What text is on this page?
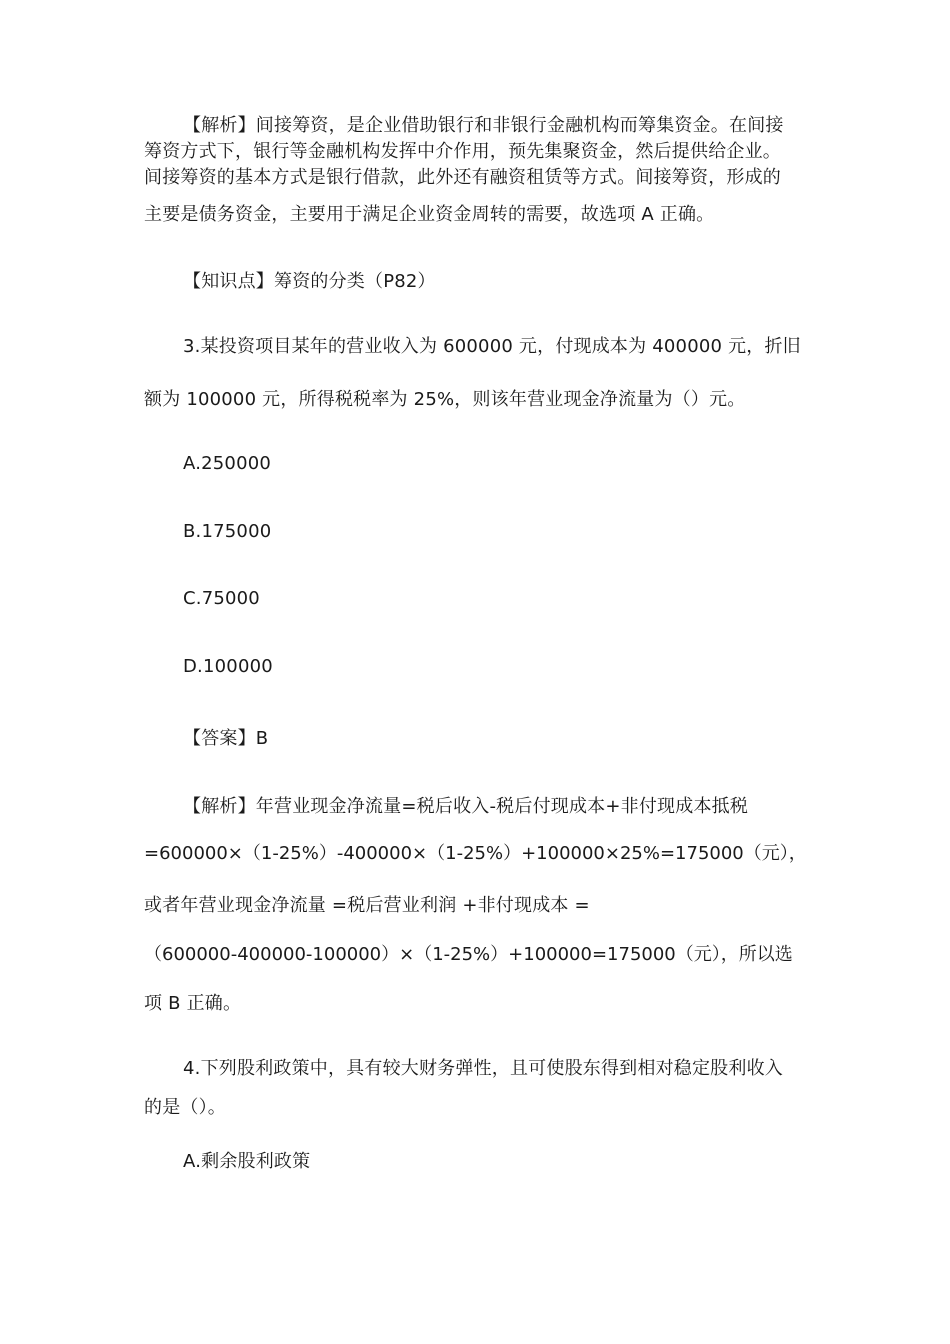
【解析】间接筹资，是企业借助银行和非银行金融机构而筹集资金。在间接
筹资方式下，银行等金融机构发挥中介作用，预先集聚资金，然后提供给企业。
间接筹资的基本方式是银行借款，此外还有融资租赁等方式。间接筹资，形成的
主要是债务资金，主要用于满足企业资金周转的需要，故选项 A 正确。
【知识点】筹资的分类（P82）
3.某投资项目某年的营业收入为 600000 元，付现成本为 400000 元，折旧
额为 100000 元，所得税税率为 25%，则该年营业现金净流量为（）元。
A.250000
B.175000
C.75000
D.100000
【答案】B
【解析】年营业现金净流量=税后收入-税后付现成本+非付现成本抵税
=600000×（1-25%）-400000×（1-25%）+100000×25%=175000（元），
或者年营业现金净流量 =税后营业利润 +非付现成本 =
（600000-400000-100000）×（1-25%）+100000=175000（元），所以选
项 B 正确。
4.下列股利政策中，具有较大财务弹性，且可使股东得到相对稳定股利收入
的是（）。
A.剩余股利政策
